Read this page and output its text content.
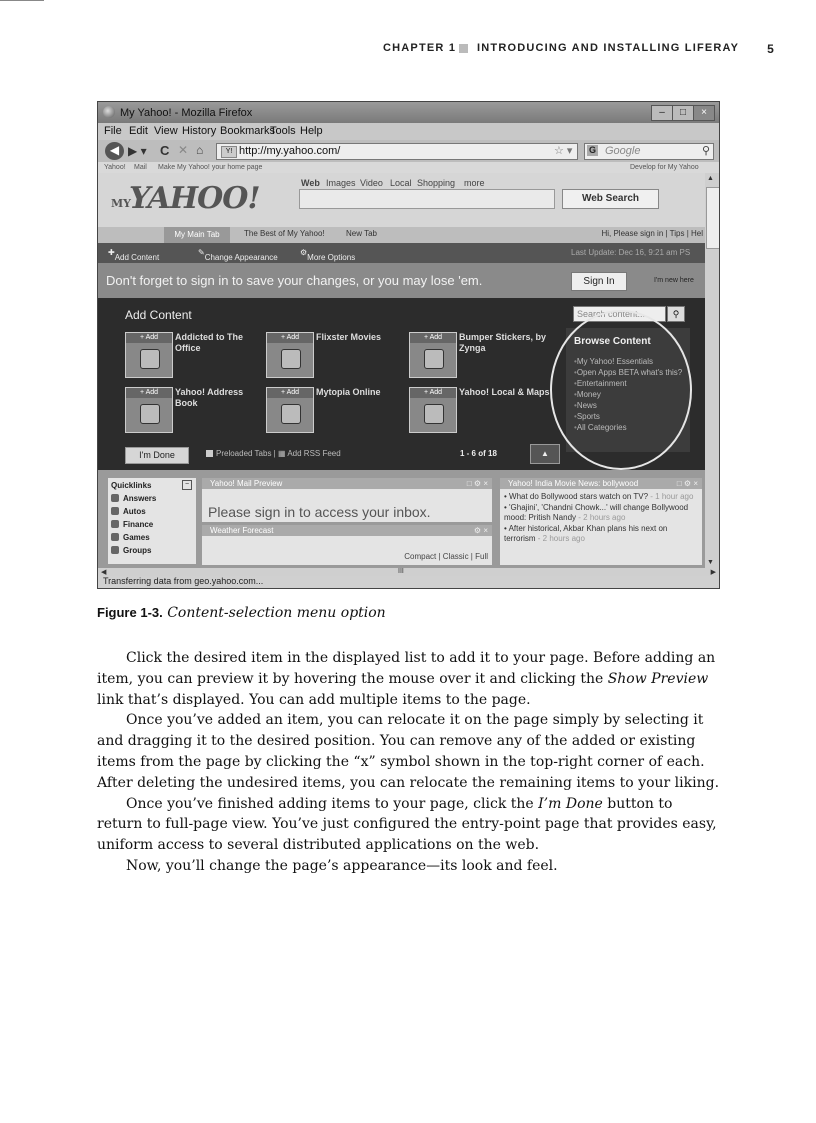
CHAPTER 1 INTRODUCING AND INSTALLING LIFERAY 5
My Yahoo! - Mozilla Firefox	–	□	×
File Edit View History Bookmarks
Tools Help
◀ ▶ ▾ C ✕ ⌂	Y! http://my.yahoo.com/	☆ ▾ G Google	⚲
Yahoo! Mail Make My Yahoo! your home page	Develop for My Yahoo
MY
YAHOO!	Web Images Video Local Shopping more
Web Search
My Main Tab	The Best of My Yahoo!	New Tab	Hi, Please sign in | Tips | Hel
✚
Add Content
✎
Change Appearance
⚙
More Options
Last Update: Dec 16, 9:21 am PS
Don't forget to sign in to save your changes, or you may lose 'em.	Sign In	I'm new here
Add Content
+ Add	Addicted to The Office
+ Add	Flixster Movies	+ Add	Bumper Stickers, by Zynga
+ Add	Yahoo! Address Book
+ Add	Mytopia Online	+ Add	Yahoo! Local & Maps
Search content...	⚲
Browse Content
• My Yahoo! Essentials
• Open Apps BETA what's this?
• Entertainment
• Money
• News
• Sports
• All Categories
I'm Done	Preloaded Tabs | ▦ Add RSS Feed	1 - 6 of 18	▲
Quicklinks	−
Answers
Autos
Finance
Games
Groups
Yahoo! Mail Preview	□ ⚙ ×
Please sign in to access your inbox.
Weather Forecast	⚙ ×
Compact | Classic | Full
Yahoo! India Movie News: bollywood	□ ⚙ ×
• What do Bollywood stars watch on TV? - 1 hour ago
• 'Ghajini', 'Chandni Chowk...' will change Bollywood mood: Pritish Nandy - 2 hours ago
• After historical, Akbar Khan plans his next on terrorism - 2 hours ago
▲
▼
◀	III	▶
Transferring data from geo.yahoo.com...
Figure 1-3. Content-selection menu option

Click the desired item in the displayed list to add it to your page. Before adding an item, you can preview it by hovering the mouse over it and clicking the Show Preview link that’s displayed. You can add multiple items to the page.

Once you’ve added an item, you can relocate it on the page simply by selecting it and dragging it to the desired position. You can remove any of the added or existing items from the page by clicking the “x” symbol shown in the top-right corner of each. After deleting the undesired items, you can relocate the remaining items to your liking.

Once you’ve finished adding items to your page, click the I’m Done button to return to full-page view. You’ve just configured the entry-point page that provides easy, uniform access to several distributed applications on the web.

Now, you’ll change the page’s appearance—its look and feel.
